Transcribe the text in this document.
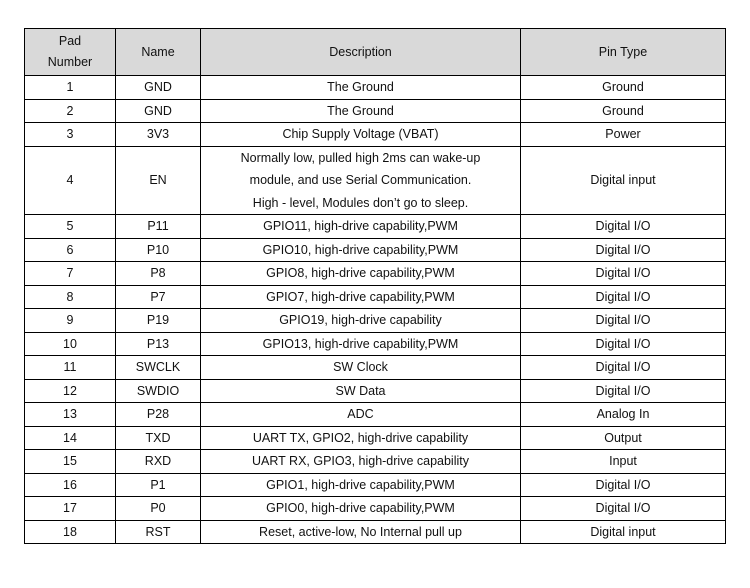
Pad
Number	Name	Description	Pin Type
1	GND	The Ground	Ground
2	GND	The Ground	Ground
3	3V3	Chip Supply Voltage (VBAT)	Power
4	EN	Normally low, pulled high 2ms can wake-up
module, and use Serial Communication.
High - level, Modules don’t go to sleep.	Digital input
5	P11	GPIO11, high-drive capability,PWM	Digital I/O
6	P10	GPIO10, high-drive capability,PWM	Digital I/O
7	P8	GPIO8, high-drive capability,PWM	Digital I/O
8	P7	GPIO7, high-drive capability,PWM	Digital I/O
9	P19	GPIO19, high-drive capability	Digital I/O
10	P13	GPIO13, high-drive capability,PWM	Digital I/O
11	SWCLK	SW Clock	Digital I/O
12	SWDIO	SW Data	Digital I/O
13	P28	ADC	Analog In
14	TXD	UART TX, GPIO2, high-drive capability	Output
15	RXD	UART RX, GPIO3, high-drive capability	Input
16	P1	GPIO1, high-drive capability,PWM	Digital I/O
17	P0	GPIO0, high-drive capability,PWM	Digital I/O
18	RST	Reset, active-low, No Internal pull up	Digital input
